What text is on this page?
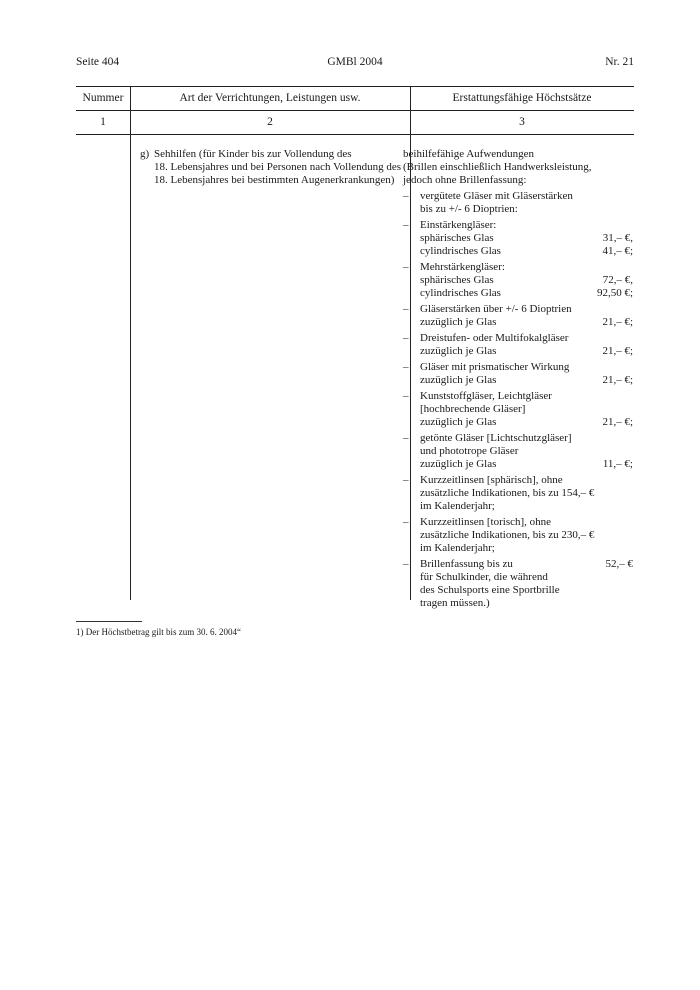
Seite 404	GMBl 2004	Nr. 21
Nummer	Art der Verrichtungen, Leistungen usw.	Erstattungsfähige Höchstsätze
1	2	3
g) Sehhilfen (für Kinder bis zur Vollendung des
18. Lebensjahres und bei Personen nach Vollendung des
18. Lebensjahres bei bestimmten Augenerkrankungen)
beihilfefähige Aufwendungen
(Brillen einschließlich Handwerksleistung,
jedoch ohne Brillenfassung:
–	vergütete Gläser mit Gläserstärken
bis zu +/- 6 Dioptrien:
–	Einstärkengläser:
sphärisches Glas	31,– €,
cylindrisches Glas	41,– €;
–	Mehrstärkengläser:
sphärisches Glas	72,– €,
cylindrisches Glas	92,50 €;
–	Gläserstärken über +/- 6 Dioptrien
zuzüglich je Glas	21,– €;
–	Dreistufen- oder Multifokalgläser
zuzüglich je Glas	21,– €;
–	Gläser mit prismatischer Wirkung
zuzüglich je Glas	21,– €;
–	Kunststoffgläser, Leichtgläser
[hochbrechende Gläser]
zuzüglich je Glas	21,– €;
–	getönte Gläser [Lichtschutzgläser]
und phototrope Gläser
zuzüglich je Glas	11,– €;
–	Kurzzeitlinsen [sphärisch], ohne
zusätzliche Indikationen, bis zu 154,– €
im Kalenderjahr;
–	Kurzzeitlinsen [torisch], ohne
zusätzliche Indikationen, bis zu 230,– €
im Kalenderjahr;
–	Brillenfassung bis zu	52,– €
für Schulkinder, die während
des Schulsports eine Sportbrille
tragen müssen.)
1) Der Höchstbetrag gilt bis zum 30. 6. 2004“
